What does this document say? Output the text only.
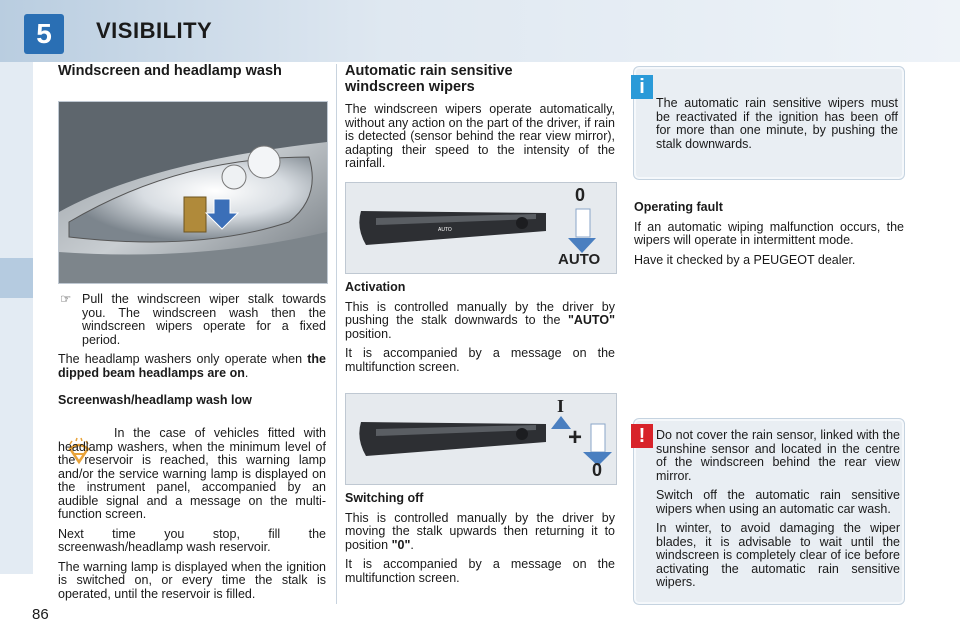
5	VISIBILITY
Windscreen and headlamp wash
☞ Pull the windscreen wiper stalk towards you. The windscreen wash then the windscreen wipers operate for a fixed period.

The headlamp washers only operate when the dipped beam headlamps are on.

Screenwash/headlamp wash low

In the case of vehicles fitted with headlamp washers, when the minimum level of the reservoir is reached, this warning lamp and/or the service warning lamp is displayed on the instrument panel, accompanied by an audible signal and a message on the multi-function screen.

Next time you stop, fill the screenwash/headlamp wash reservoir.

The warning lamp is displayed when the ignition is switched on, or every time the stalk is operated, until the reservoir is filled.

Automatic rain sensitive windscreen wipers

The windscreen wipers operate automatically, without any action on the part of the driver, if rain is detected (sensor behind the rear view mirror), adapting their speed to the intensity of the rainfall.

AUTO
0
AUTO
Activation

This is controlled manually by the driver by pushing the stalk downwards to the "AUTO" position.

It is accompanied by a message on the multifunction screen.

I
+
0
Switching off

This is controlled manually by the driver by moving the stalk upwards then returning it to position "0".

It is accompanied by a message on the multifunction screen.

The automatic rain sensitive wipers must be reactivated if the ignition has been off for more than one minute, by pushing the stalk downwards.

i
Operating fault

If an automatic wiping malfunction occurs, the wipers will operate in intermittent mode.

Have it checked by a PEUGEOT dealer.

Do not cover the rain sensor, linked with the sunshine sensor and located in the centre of the windscreen behind the rear view mirror.

Switch off the automatic rain sensitive wipers when using an automatic car wash.

In winter, to avoid damaging the wiper blades, it is advisable to wait until the windscreen is completely clear of ice before activating the automatic rain sensitive wipers.

!
86
